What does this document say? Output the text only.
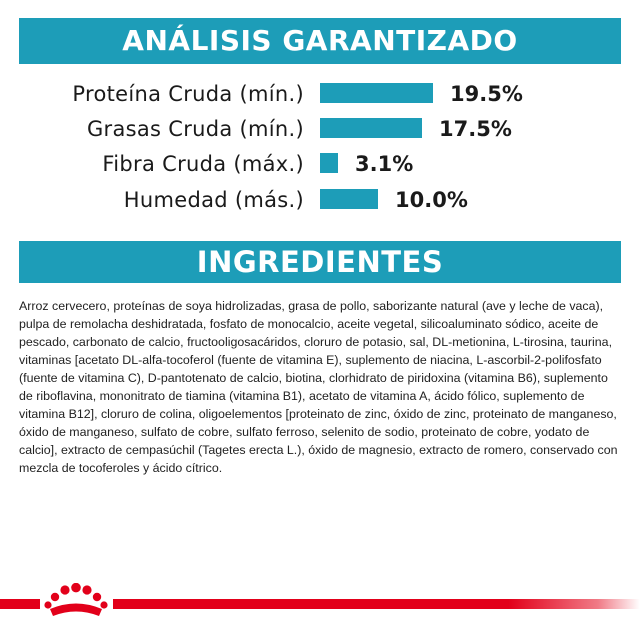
ANÁLISIS GARANTIZADO
Proteína Cruda (mín.)	19.5%
Grasas Cruda (mín.)	17.5%
Fibra Cruda (máx.) 3.1%
Humedad (más.)	10.0%
INGREDIENTES
Arroz cervecero, proteínas de soya hidrolizadas, grasa de pollo, saborizante natural (ave y leche de vaca), pulpa de remolacha deshidratada, fosfato de monocalcio, aceite vegetal, silicoaluminato sódico, aceite de pescado, carbonato de calcio, fructooligosacáridos, cloruro de potasio, sal, DL-metionina, L-tirosina, taurina, vitaminas [acetato DL-alfa-tocoferol (fuente de vitamina E), suplemento de niacina, L-ascorbil-2-polifosfato (fuente de vitamina C), D-pantotenato de calcio, biotina, clorhidrato de piridoxina (vitamina B6), suplemento de riboflavina, mononitrato de tiamina (vitamina B1), acetato de vitamina A, ácido fólico, suplemento de vitamina B12], cloruro de colina, oligoelementos [proteinato de zinc, óxido de zinc, proteinato de manganeso, óxido de manganeso, sulfato de cobre, sulfato ferroso, selenito de sodio, proteinato de cobre, yodato de calcio], extracto de cempasúchil (Tagetes erecta L.), óxido de magnesio, extracto de romero, conservado con mezcla de tocoferoles y ácido cítrico.
